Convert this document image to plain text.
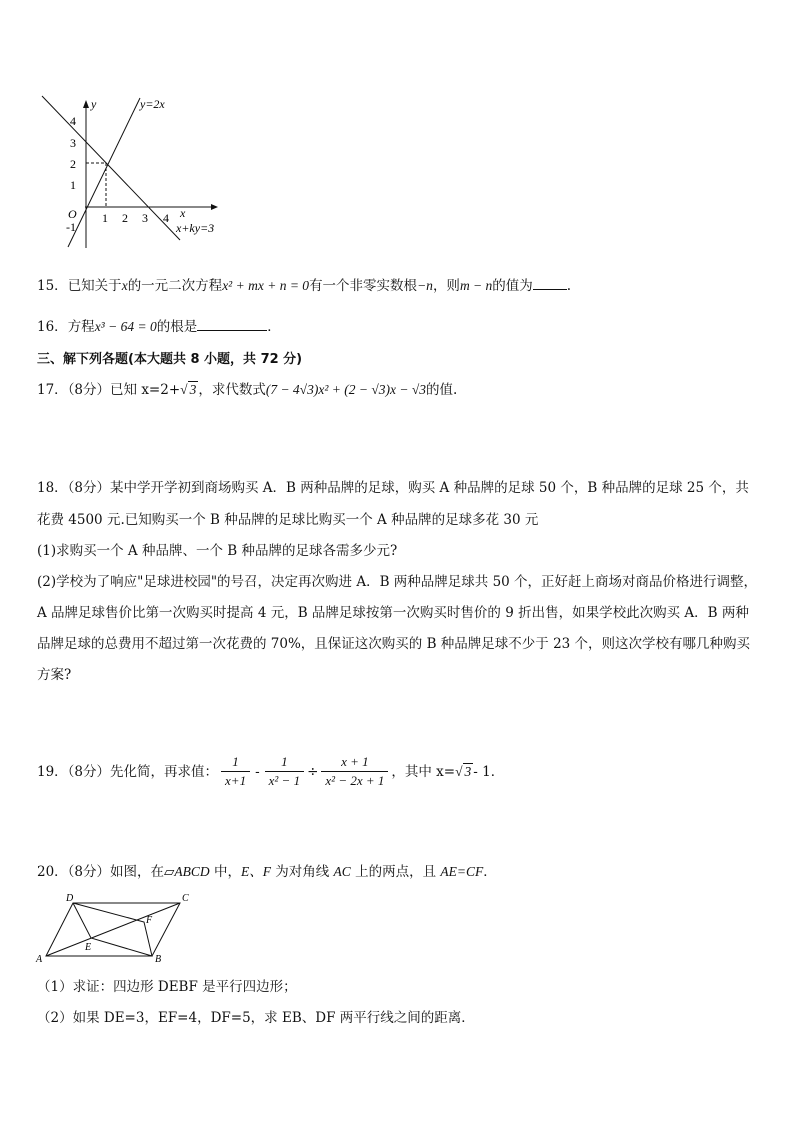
y
x
O
4
3
2
1
-1
1 2 3 4
y=2x
x+ky=3
15．已知关于x的一元二次方程x² + mx + n = 0有一个非零实数根−n，则m − n的值为	.
16．方程x³ − 64 = 0的根是	．
三、解下列各题(本大题共 8 小题，共 72 分)
17．（8分）已知 x=2+√ 3 ，求代数式(7 − 4√3)x² + (2 − √3)x − √3的值.
18．（8分）某中学开学初到商场购买 A．B 两种品牌的足球，购买 A 种品牌的足球 50 个，B 种品牌的足球 25 个，共
花费 4500 元.已知购买一个 B 种品牌的足球比购买一个 A 种品牌的足球多花 30 元
(1)求购买一个 A 种品牌、一个 B 种品牌的足球各需多少元?
(2)学校为了响应"足球进校园"的号召，决定再次购进 A．B 两种品牌足球共 50 个，正好赶上商场对商品价格进行调整，
A 品牌足球售价比第一次购买时提高 4 元，B 品牌足球按第一次购买时售价的 9 折出售，如果学校此次购买 A．B 两种
品牌足球的总费用不超过第一次花费的 70%，且保证这次购买的 B 种品牌足球不少于 23 个，则这次学校有哪几种购买
方案?
19．（8分）先化简，再求值： $\frac{1}{x+1} - \frac{1}{\text{x² − 1}} \div \frac{x + 1}{\text{x² − 2x + 1}}$ ，其中 x= √ 3 - 1．
20．（8分）如图，在▱ABCD 中，E、F 为对角线 AC 上的两点，且 AE=CF．
D	C
F
E
A	B
（1）求证：四边形 DEBF 是平行四边形；
（2）如果 DE=3，EF=4，DF=5，求 EB、DF 两平行线之间的距离．
